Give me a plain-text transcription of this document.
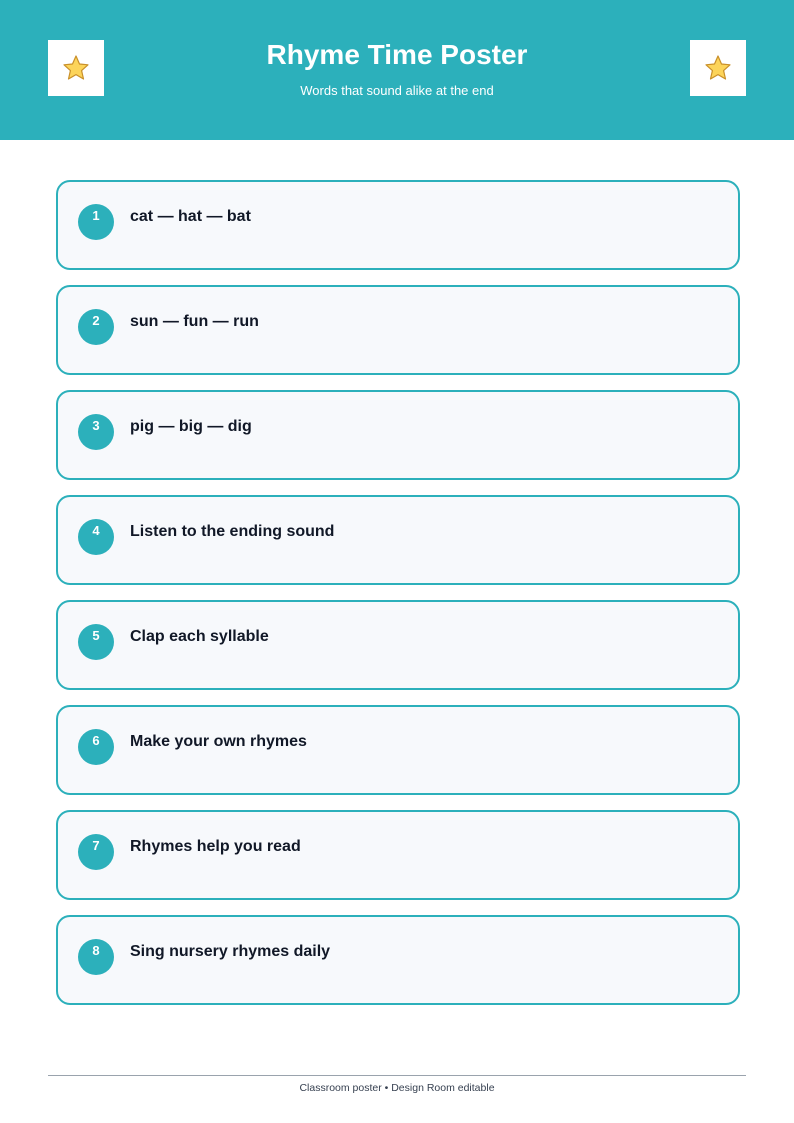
Rhyme Time Poster
Words that sound alike at the end
1	cat — hat — bat
2	sun — fun — run
3	pig — big — dig
4	Listen to the ending sound
5	Clap each syllable
6	Make your own rhymes
7	Rhymes help you read
8	Sing nursery rhymes daily
Classroom poster • Design Room editable
